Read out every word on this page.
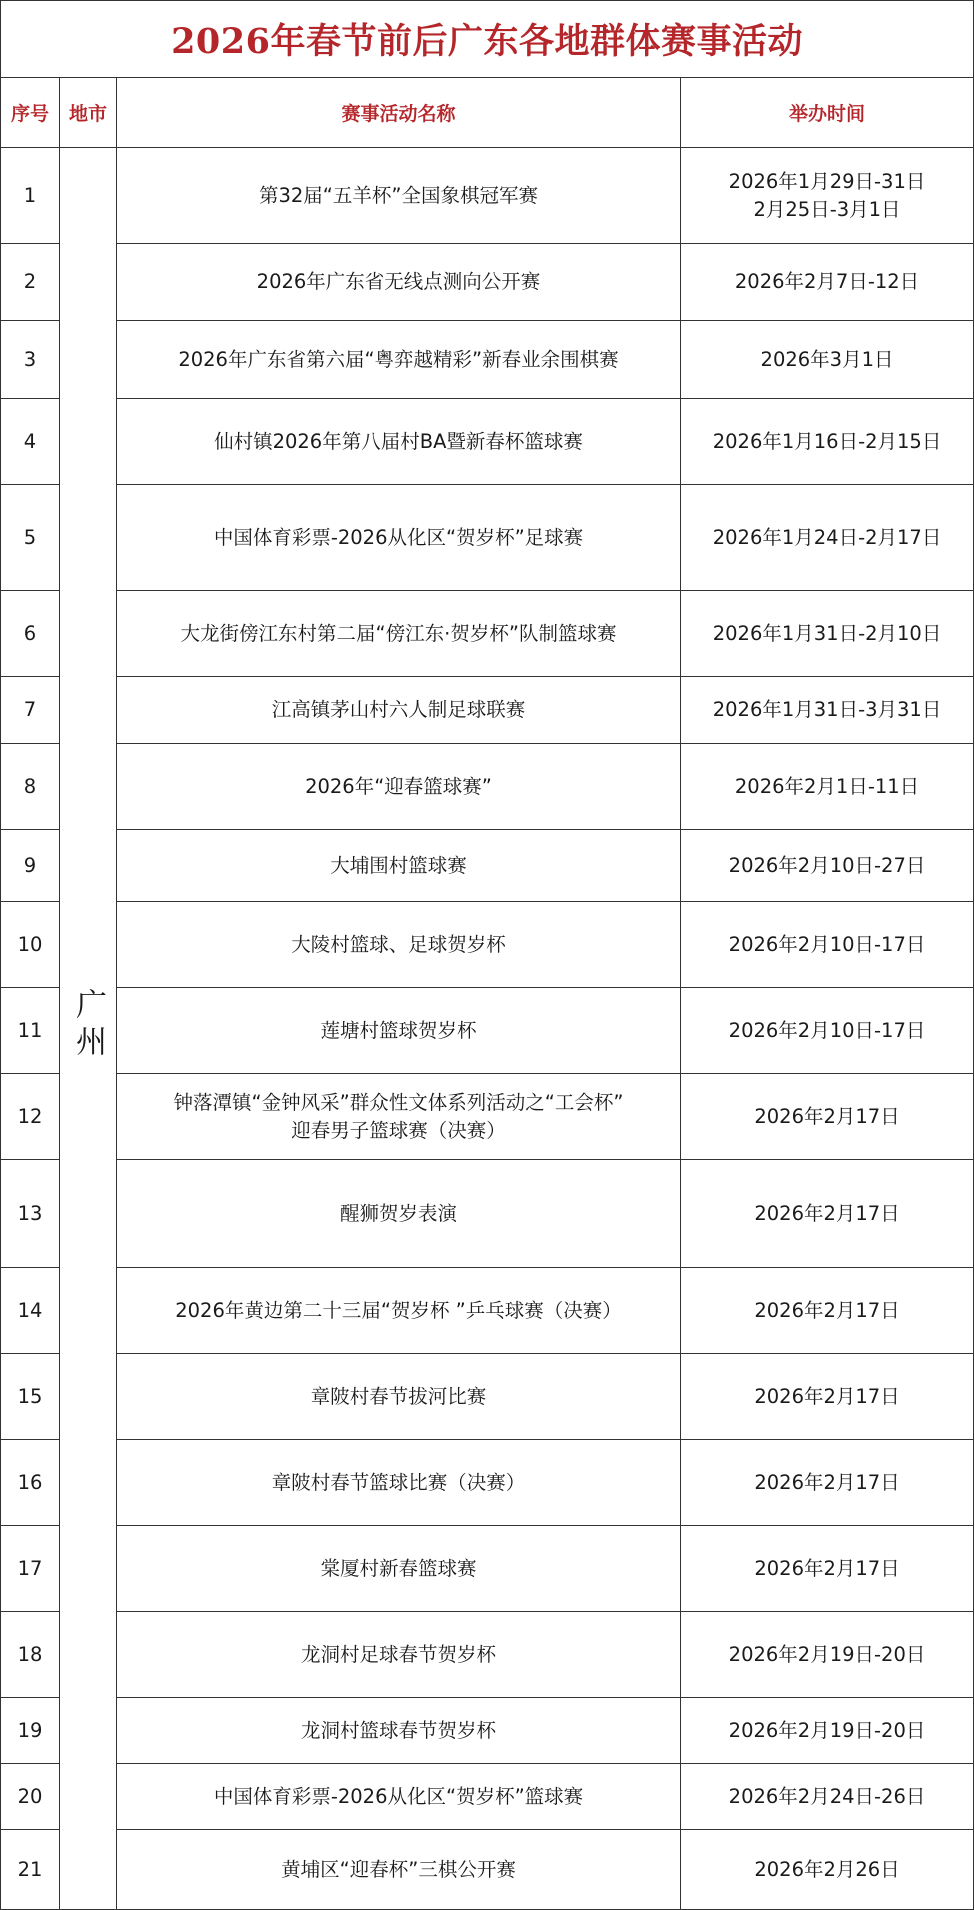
2026年春节前后广东各地群体赛事活动			
序号	地市	赛事活动名称	举办时间
1	广州	第32届“五羊杯”全国象棋冠军赛	2026年1月29日-31日
2月25日-3月1日
2		2026年广东省无线点测向公开赛	2026年2月7日-12日
3		2026年广东省第六届“粤弈越精彩”新春业余围棋赛	2026年3月1日
4		仙村镇2026年第八届村BA暨新春杯篮球赛	2026年1月16日-2月15日
5		中国体育彩票-2026从化区“贺岁杯”足球赛	2026年1月24日-2月17日
6		大龙街傍江东村第二届“傍江东·贺岁杯”队制篮球赛	2026年1月31日-2月10日
7		江高镇茅山村六人制足球联赛	2026年1月31日-3月31日
8		2026年“迎春篮球赛”	2026年2月1日-11日
9		大埔围村篮球赛	2026年2月10日-27日
10		大陵村篮球、足球贺岁杯	2026年2月10日-17日
11		莲塘村篮球贺岁杯	2026年2月10日-17日
12		钟落潭镇“金钟风采”群众性文体系列活动之“工会杯”
迎春男子篮球赛（决赛）	2026年2月17日
13		醒狮贺岁表演	2026年2月17日
14		2026年黄边第二十三届“贺岁杯 ”乒乓球赛（决赛）	2026年2月17日
15		章陂村春节拔河比赛	2026年2月17日
16		章陂村春节篮球比赛（决赛）	2026年2月17日
17		棠厦村新春篮球赛	2026年2月17日
18		龙洞村足球春节贺岁杯	2026年2月19日-20日
19		龙洞村篮球春节贺岁杯	2026年2月19日-20日
20		中国体育彩票-2026从化区“贺岁杯”篮球赛	2026年2月24日-26日
21		黄埔区“迎春杯”三棋公开赛	2026年2月26日
